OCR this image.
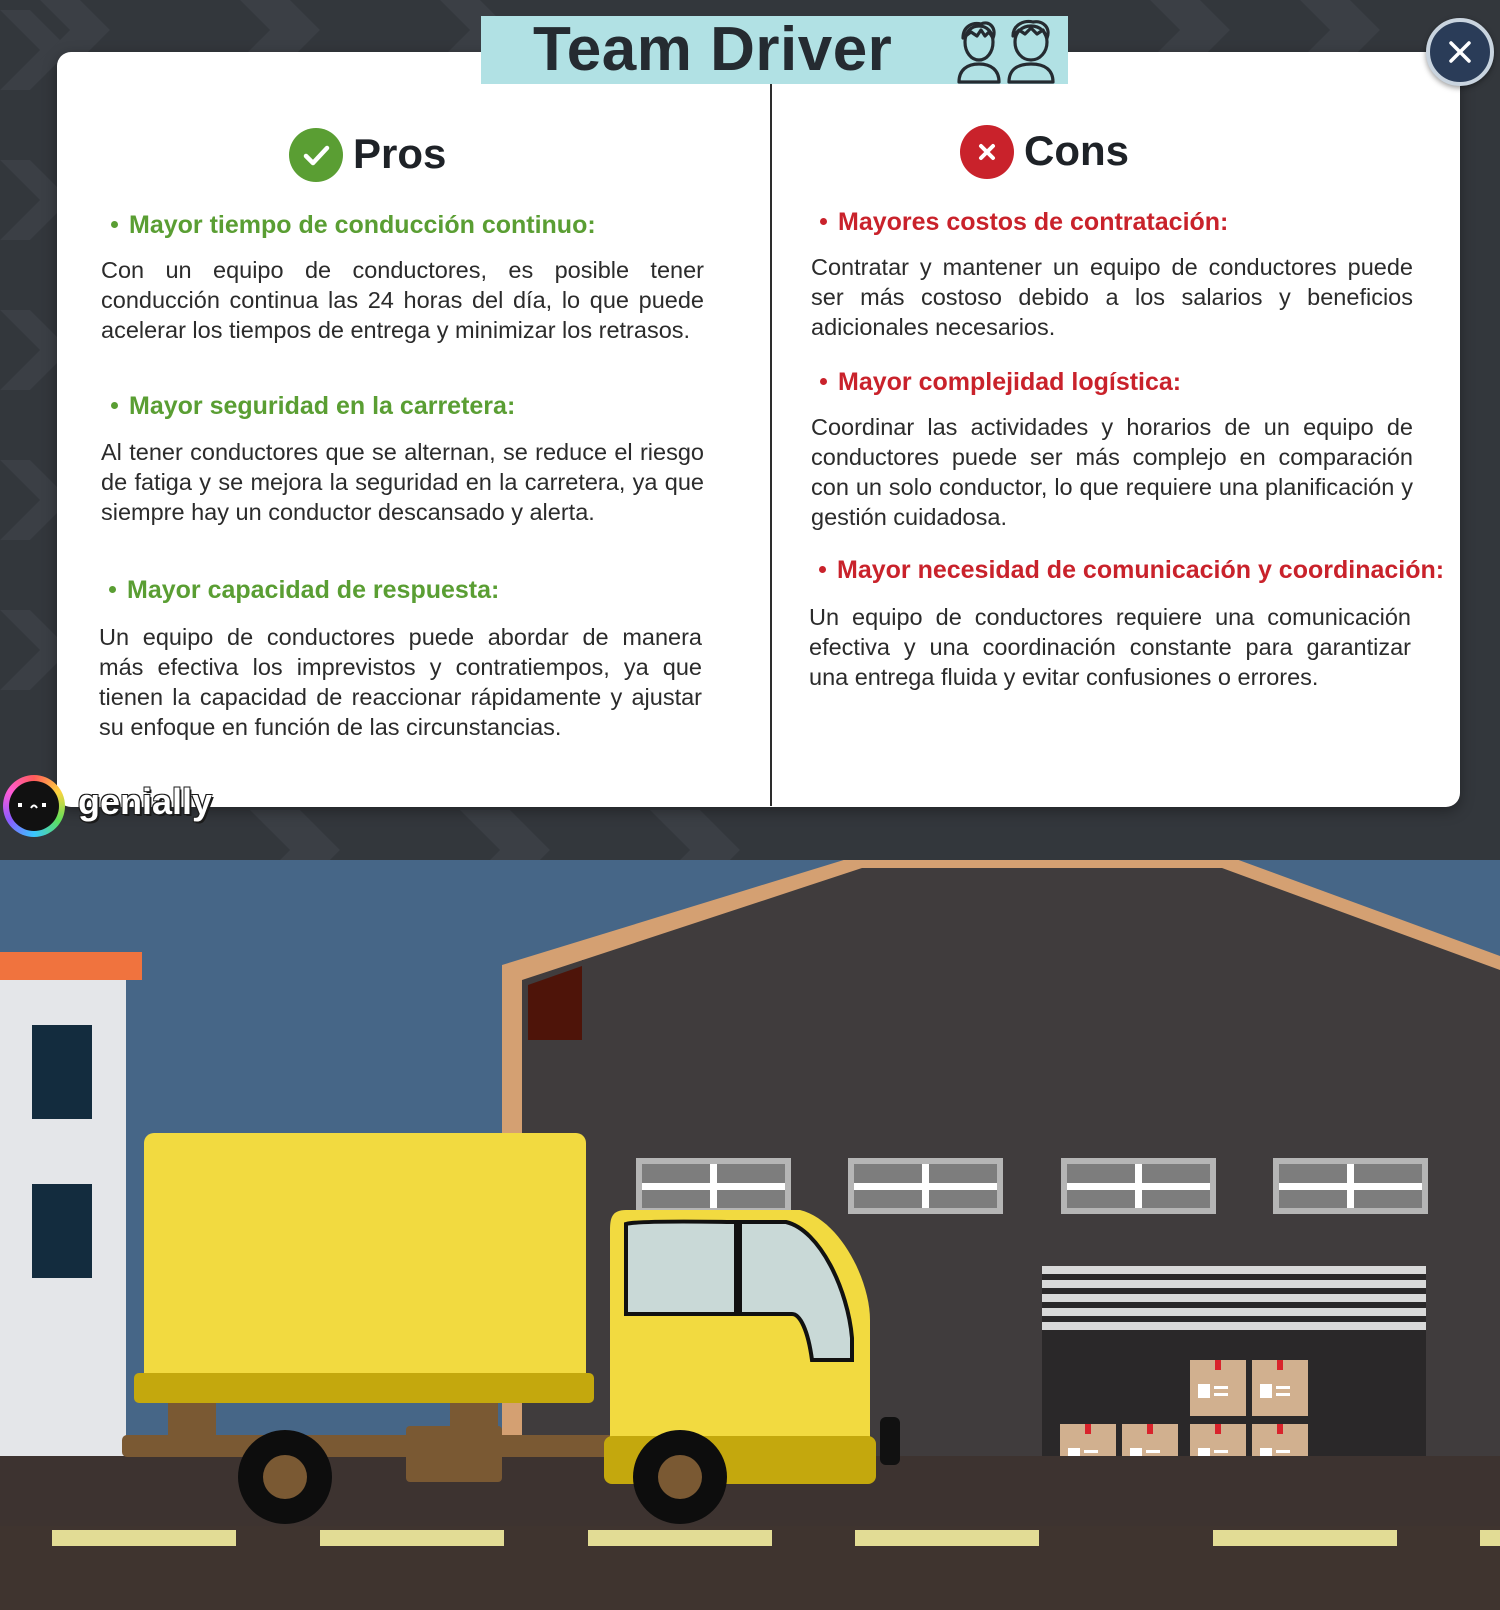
Team Driver
Pros
Mayor tiempo de conducción continuo:

Con un equipo de conductores, es posible tener conducción continua las 24 horas del día, lo que puede acelerar los tiempos de entrega y minimizar los retrasos.

Mayor seguridad en la carretera:

Al tener conductores que se alternan, se reduce el riesgo de fatiga y se mejora la seguridad en la carretera, ya que siempre hay un conductor descansado y alerta.

Mayor capacidad de respuesta:

Un equipo de conductores puede abordar de manera más efectiva los imprevistos y contratiempos, ya que tienen la capacidad de reaccionar rápidamente y ajustar su enfoque en función de las circunstancias.

Cons
Mayores costos de contratación:

Contratar y mantener un equipo de conductores puede ser más costoso debido a los salarios y beneficios adicionales necesarios.

Mayor complejidad logística:

Coordinar las actividades y horarios de un equipo de conductores puede ser más complejo en comparación con un solo conductor, lo que requiere una planificación y gestión cuidadosa.

Mayor necesidad de comunicación y coordinación:

Un equipo de conductores requiere una comunicación efectiva y una coordinación constante para garantizar una entrega fluida y evitar confusiones o errores.

genially
